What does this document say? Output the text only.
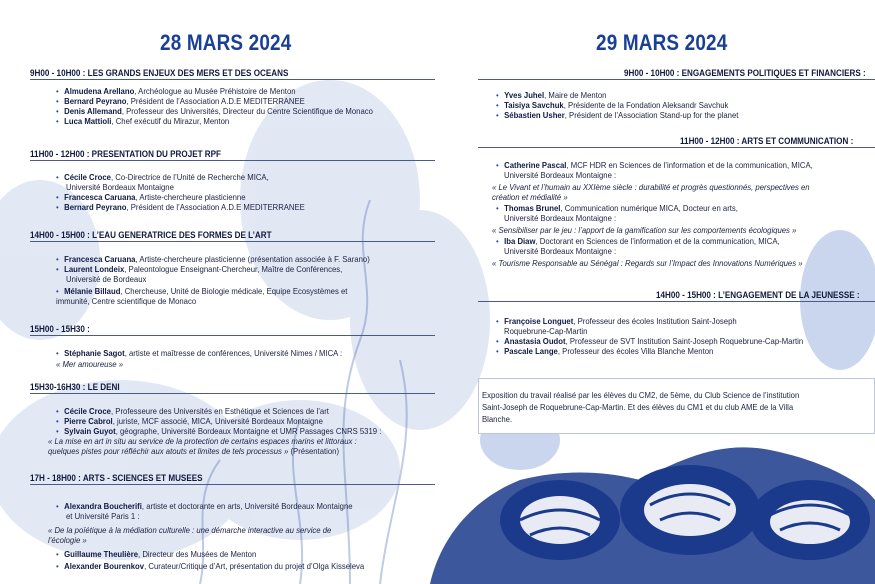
28 MARS 2024
9H00 - 10H00 : LES GRANDS ENJEUX DES MERS ET DES OCEANS
• Almudena Arellano, Archéologue au Musée Préhistoire de Menton
• Bernard Peyrano, Président de l’Association A.D.E MEDITERRANEE
• Denis Allemand, Professeur des Universités, Directeur du Centre Scientifique de Monaco
• Luca Mattioli, Chef exécutif du Mirazur, Menton
11H00 - 12H00 : PRESENTATION DU PROJET RPF
• Cécile Croce, Co-Directrice de l’Unité de Recherche MICA,
Université Bordeaux Montaigne
• Francesca Caruana, Artiste-chercheure plasticienne
• Bernard Peyrano, Président de l’Association A.D.E MEDITERRANEE
14H00 - 15H00 : L’EAU GENERATRICE DES FORMES DE L’ART
• Francesca Caruana, Artiste-chercheure plasticienne (présentation associée à F. Sarano)
• Laurent Londeix, Paleontologue Enseignant-Chercheur, Maître de Conférences,
Université de Bordeaux
• Mélanie Billaud, Chercheuse, Unité de Biologie médicale, Equipe Ecosystèmes et
immunité, Centre scientifique de Monaco
15H00 - 15H30 :
• Stéphanie Sagot, artiste et maîtresse de conférences, Université Nimes / MICA :
« Mer amoureuse »
15H30-16H30 : LE DENI
• Cécile Croce, Professeure des Universités en Esthétique et Sciences de l’art
• Pierre Cabrol, juriste, MCF associé, MICA, Université Bordeaux Montaigne
• Sylvain Guyot, géographe, Université Bordeaux Montaigne et UMR Passages CNRS 5319 :
« La mise en art in situ au service de la protection de certains espaces marins et littoraux :
quelques pistes pour réfléchir aux atouts et limites de tels processus » (Présentation)
17H - 18H00 : ARTS - SCIENCES ET MUSEES
• Alexandra Boucherifi, artiste et doctorante en arts, Université Bordeaux Montaigne
et Université Paris 1 :
« De la poïétique à la médiation culturelle : une démarche interactive au service de
l’écologie »
• Guillaume Theulière, Directeur des Musées de Menton
• Alexander Bourenkov, Curateur/Critique d’Art, présentation du projet d’Olga Kisseleva
29 MARS 2024
9H00 - 10H00 : ENGAGEMENTS POLITIQUES ET FINANCIERS :
• Yves Juhel, Maire de Menton
• Taisiya Savchuk, Présidente de la Fondation Aleksandr Savchuk
• Sébastien Usher, Président de l’Association Stand-up for the planet
11H00 - 12H00 : ARTS ET COMMUNICATION :
• Catherine Pascal, MCF HDR en Sciences de l’information et de la communication, MICA,
Université Bordeaux Montaigne :
« Le Vivant et l’humain au XXIème siècle : durabilité et progrès questionnés, perspectives en
création et médialité »
• Thomas Brunel, Communication numérique MICA, Docteur en arts,
Université Bordeaux Montaigne :
« Sensibiliser par le jeu : l’apport de la gamification sur les comportements écologiques »
• Iba Diaw, Doctorant en Sciences de l’information et de la communication, MICA,
Université Bordeaux Montaigne :
« Tourisme Responsable au Sénégal : Regards sur l’Impact des Innovations Numériques »
14H00 - 15H00 : L’ENGAGEMENT DE LA JEUNESSE :
• Françoise Longuet, Professeur des écoles Institution Saint-Joseph
Roquebrune-Cap-Martin
• Anastasia Oudot, Professeur de SVT Institution Saint-Joseph Roquebrune-Cap-Martin
• Pascale Lange, Professeur des écoles Villa Blanche Menton
Exposition du travail réalisé par les élèves du CM2, de 5ème, du Club Science de l’institution
Saint-Joseph de Roquebrune-Cap-Martin. Et des élèves du CM1 et du club AME de la Villa
Blanche.
